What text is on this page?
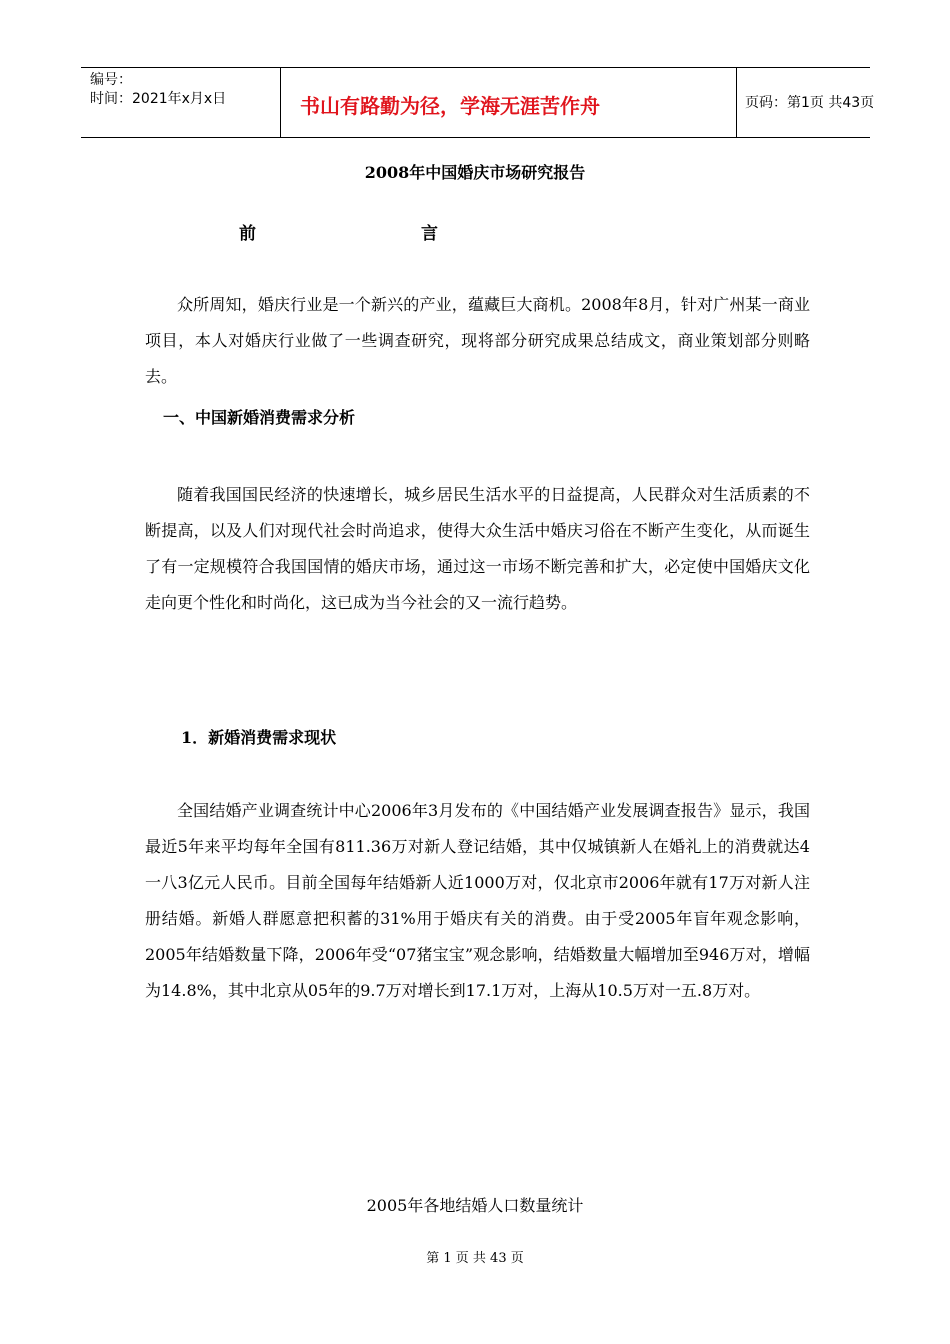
编号：
时间：2021年x月x日	书山有路勤为径，学海无涯苦作舟	页码：第1页 共43页
2008年中国婚庆市场研究报告
前	言

众所周知，婚庆行业是一个新兴的产业，蕴藏巨大商机。2008年8月，针对广州某一商业项目，本人对婚庆行业做了一些调查研究，现将部分研究成果总结成文，商业策划部分则略去。

一、中国新婚消费需求分析

随着我国国民经济的快速增长，城乡居民生活水平的日益提高，人民群众对生活质素的不断提高，以及人们对现代社会时尚追求，使得大众生活中婚庆习俗在不断产生变化，从而诞生了有一定规模符合我国国情的婚庆市场，通过这一市场不断完善和扩大，必定使中国婚庆文化走向更个性化和时尚化，这已成为当今社会的又一流行趋势。

1．新婚消费需求现状

全国结婚产业调查统计中心2006年3月发布的《中国结婚产业发展调查报告》显示，我国最近5年来平均每年全国有811.36万对新人登记结婚，其中仅城镇新人在婚礼上的消费就达4一八3亿元人民币。目前全国每年结婚新人近1000万对，仅北京市2006年就有17万对新人注册结婚。新婚人群愿意把积蓄的31%用于婚庆有关的消费。由于受2005年盲年观念影响，2005年结婚数量下降，2006年受“07猪宝宝”观念影响，结婚数量大幅增加至946万对，增幅为14.8%，其中北京从05年的9.7万对增长到17.1万对，上海从10.5万对一五.8万对。

2005年各地结婚人口数量统计
第 1 页 共 43 页
